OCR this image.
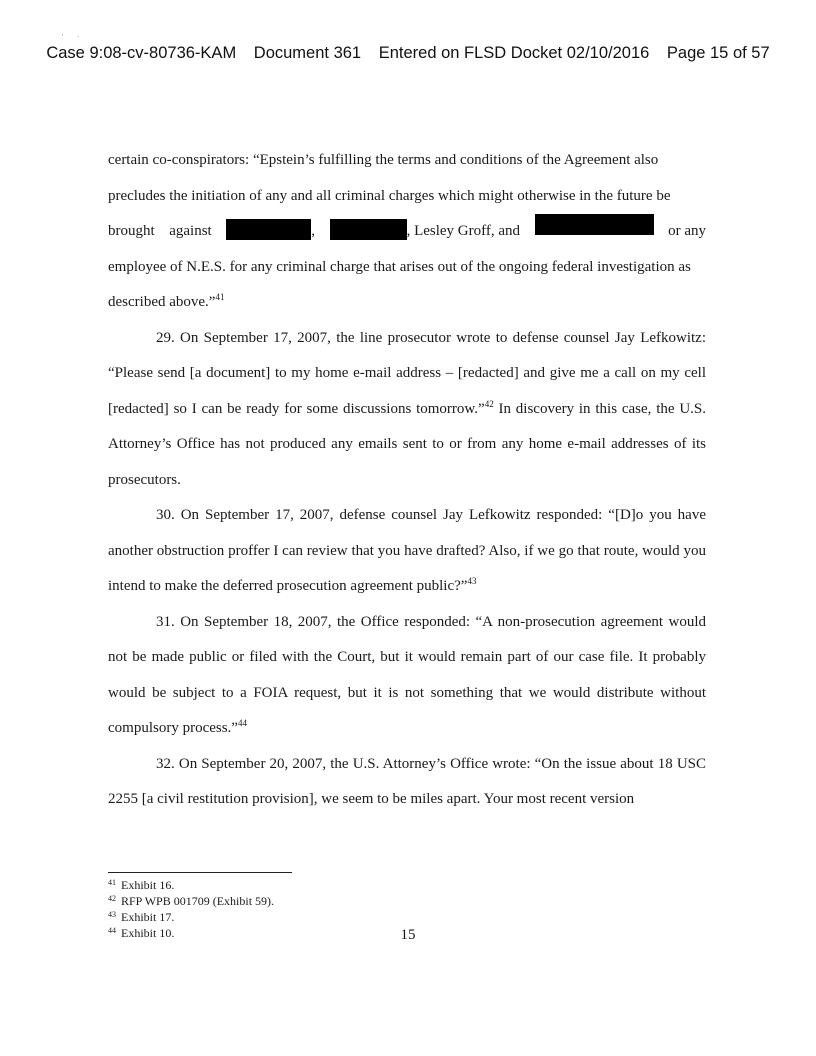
' ·
Case 9:08-cv-80736-KAM Document 361 Entered on FLSD Docket 02/10/2016 Page 15 of 57

certain co-conspirators: “Epstein’s fulfilling the terms and conditions of the Agreement also
precludes the initiation of any and all criminal charges which might otherwise in the future be
brought against	,	, Lesley Groff, and	or any
employee of N.E.S. for any criminal charge that arises out of the ongoing federal investigation as
described above.”$^{41}$

29. On September 17, 2007, the line prosecutor wrote to defense counsel Jay Lefkowitz: “Please send [a document] to my home e-mail address – [redacted] and give me a call on my cell [redacted] so I can be ready for some discussions tomorrow.”$^{42}$ In discovery in this case, the U.S. Attorney’s Office has not produced any emails sent to or from any home e-mail addresses of its prosecutors.

30. On September 17, 2007, defense counsel Jay Lefkowitz responded: “[D]o you have another obstruction proffer I can review that you have drafted? Also, if we go that route, would you intend to make the deferred prosecution agreement public?”$^{43}$

31. On September 18, 2007, the Office responded: “A non-prosecution agreement would not be made public or filed with the Court, but it would remain part of our case file. It probably would be subject to a FOIA request, but it is not something that we would distribute without compulsory process.”$^{44}$

32. On September 20, 2007, the U.S. Attorney’s Office wrote: “On the issue about 18 USC 2255 [a civil restitution provision], we seem to be miles apart. Your most recent version

$^{41}$ Exhibit 16.
$^{42}$ RFP WPB 001709 (Exhibit 59).
$^{43}$ Exhibit 17.
$^{44}$ Exhibit 10.	15
